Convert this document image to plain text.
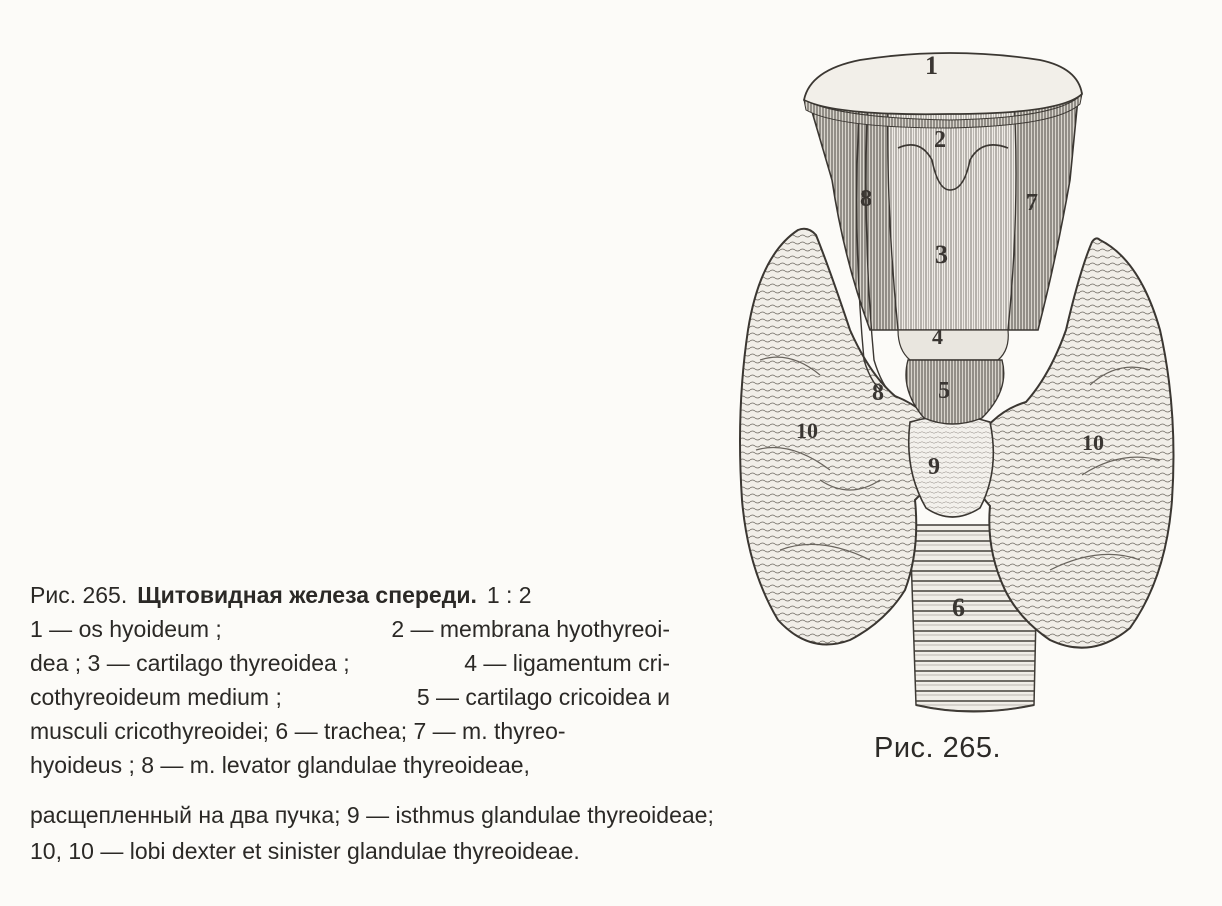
1
2
3
4
5
6
7
8
8
9
10	10
Рис. 265.
Рис. 265. Щитовидная железа спереди. 1 : 2
1 — os hyoideum ;	2 — membrana hyothyreoi-
dea ; 3 — cartilago thyreoidea ;	4 — ligamentum cri-
cothyreoideum medium ;	5 — cartilago cricoidea и
musculi cricothyreoidei; 6 — trachea; 7 — m. thyreo-
hyoideus ; 8 — m. levator glandulae thyreoideae,
расщепленный на два пучка; 9 — isthmus glandulae thyreoideae;
10, 10 — lobi dexter et sinister glandulae thyreoideae.
